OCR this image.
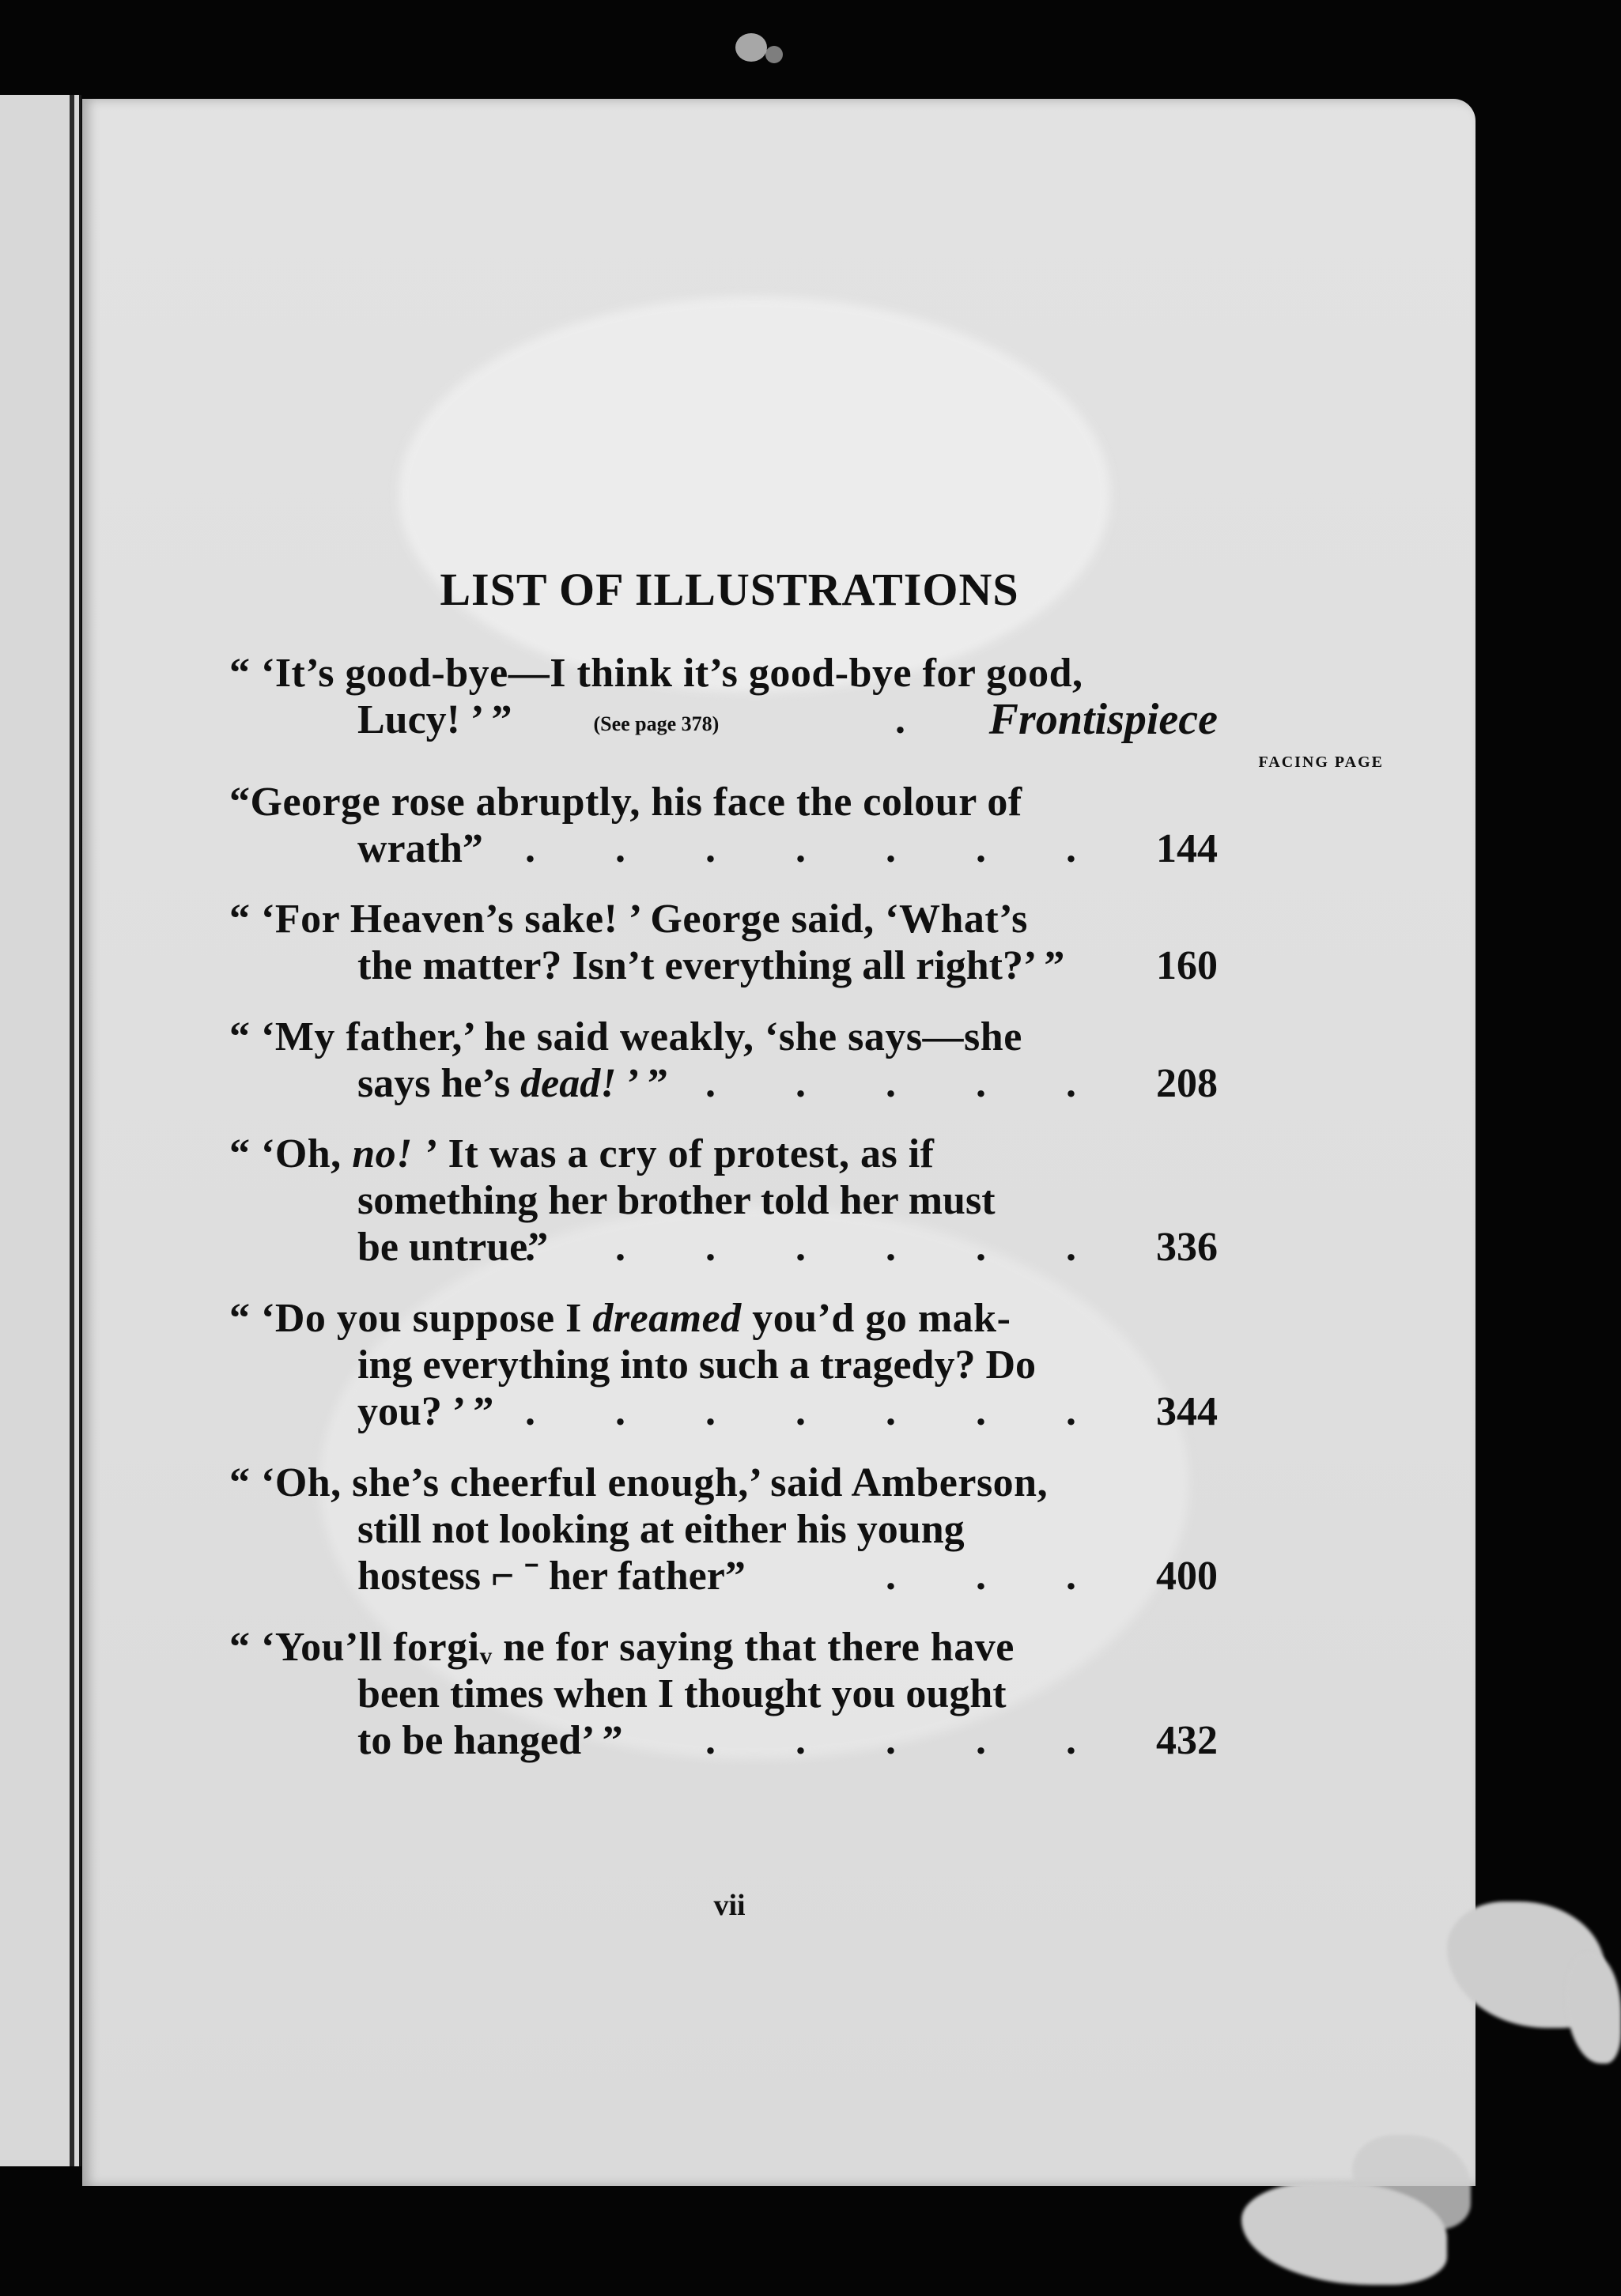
LIST OF ILLUSTRATIONS
“ ‘It’s good-bye—I think it’s good-bye for good,
Lucy! ’ ”	(See page 378)	. Frontispiece
FACING PAGE
“George rose abruptly, his face the colour of
wrath” . . . . . . .	144
“ ‘For Heaven’s sake! ’ George said, ‘What’s
the matter? Isn’t everything all right?’ ”	160
“ ‘My father,’ he said weakly, ‘she says—she
says he’s dead! ’ ” . . . . .	208
“ ‘Oh, no! ’ It was a cry of protest, as if
something her brother told her must
be untrue”
. . . . . . .	336
“ ‘Do you suppose I dreamed you’d go mak-
ing everything into such a tragedy? Do
you? ’ ” . . . . . . .	344
“ ‘Oh, she’s cheerful enough,’ said Amberson,
still not looking at either his young
hostess ⌐ ˉ her father”	. . .	400
“ ‘You’ll forgiᵥ ne for saying that there have
been times when I thought you ought
to be hanged’ ” . . . . .	432
vii
